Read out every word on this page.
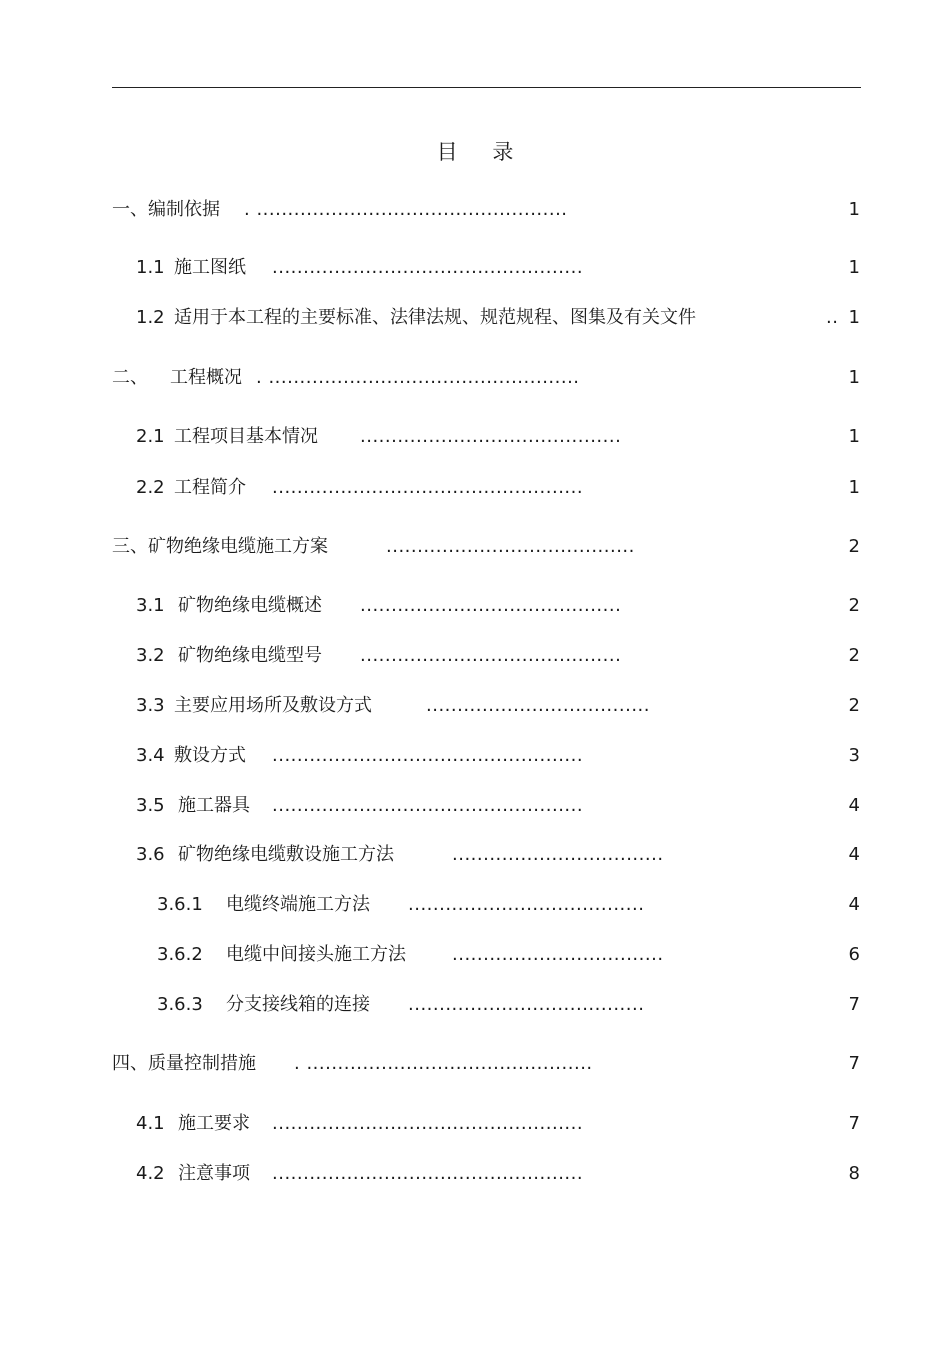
目 录
一、编制依据 . ..................................................	1
1.1 施工图纸 ..................................................	1
1.2 适用于本工程的主要标准、法律法规、规范规程、图集及有关文件	.. 1
二、 工程概况 . ..................................................	1
2.1 工程项目基本情况 ..........................................	1
2.2 工程简介 ..................................................	1
三、矿物绝缘电缆施工方案	........................................	2
3.1 矿物绝缘电缆概述 ..........................................	2
3.2 矿物绝缘电缆型号 ..........................................	2
3.3 主要应用场所及敷设方式	....................................	2
3.4 敷设方式 ..................................................	3
3.5 施工器具 ..................................................	4
3.6 矿物绝缘电缆敷设施工方法	..................................	4
3.6.1 电缆终端施工方法 ......................................	4
3.6.2 电缆中间接头施工方法	..................................	6
3.6.3 分支接线箱的连接 ......................................	7
四、质量控制措施 . ..............................................	7
4.1 施工要求 ..................................................	7
4.2 注意事项 ..................................................	8
